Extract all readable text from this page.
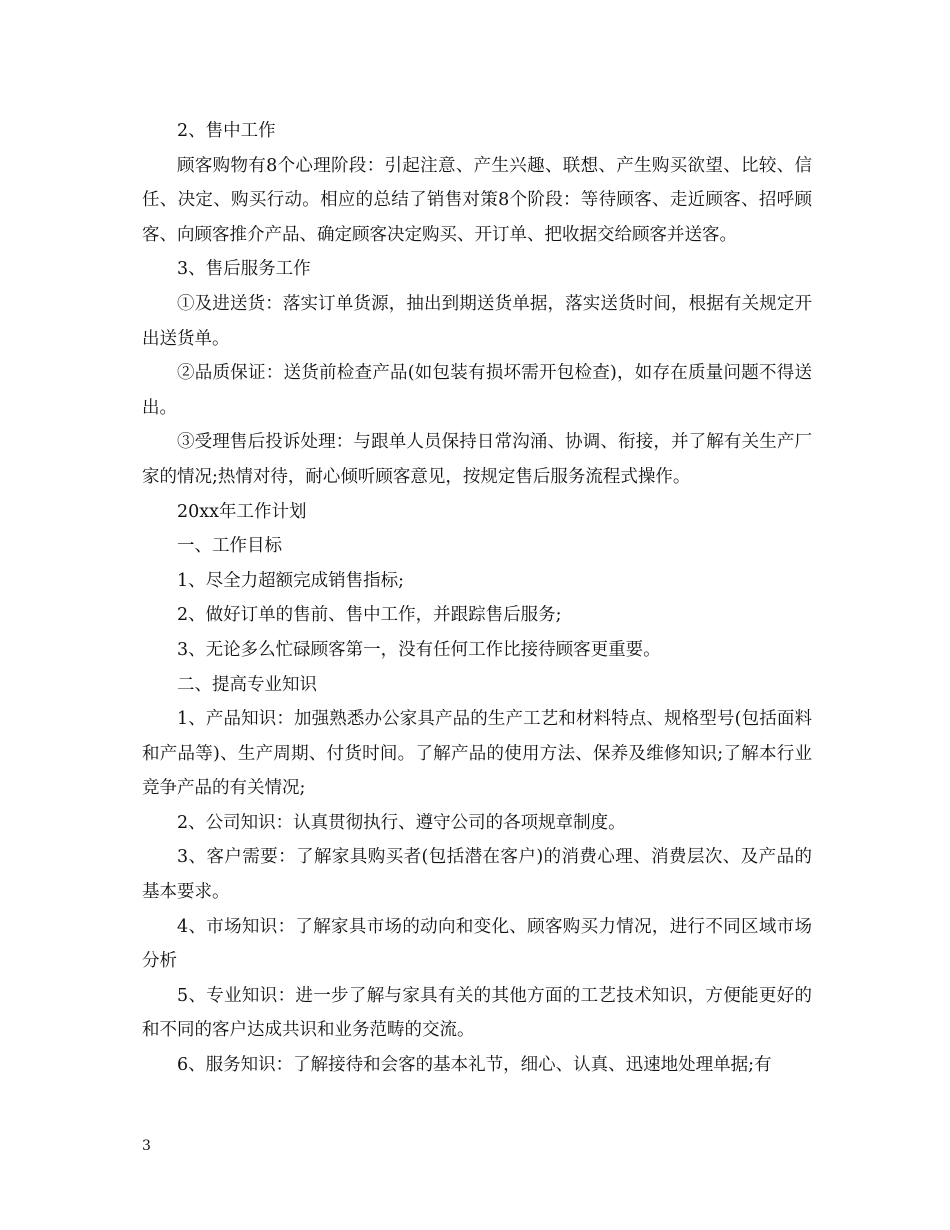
2、售中工作

顾客购物有8个心理阶段：引起注意、产生兴趣、联想、产生购买欲望、比较、信任、决定、购买行动。相应的总结了销售对策8个阶段：等待顾客、走近顾客、招呼顾客、向顾客推介产品、确定顾客决定购买、开订单、把收据交给顾客并送客。

3、售后服务工作

①及进送货：落实订单货源，抽出到期送货单据，落实送货时间，根据有关规定开出送货单。

②品质保证：送货前检查产品(如包装有损坏需开包检查)，如存在质量问题不得送出。

③受理售后投诉处理：与跟单人员保持日常沟涌、协调、衔接，并了解有关生产厂家的情况;热情对待，耐心倾听顾客意见，按规定售后服务流程式操作。

20xx年工作计划

一、工作目标

1、尽全力超额完成销售指标;

2、做好订单的售前、售中工作，并跟踪售后服务;

3、无论多么忙碌顾客第一，没有任何工作比接待顾客更重要。

二、提高专业知识

1、产品知识：加强熟悉办公家具产品的生产工艺和材料特点、规格型号(包括面料和产品等)、生产周期、付货时间。了解产品的使用方法、保养及维修知识;了解本行业竞争产品的有关情况;

2、公司知识：认真贯彻执行、遵守公司的各项规章制度。

3、客户需要：了解家具购买者(包括潜在客户)的消费心理、消费层次、及产品的基本要求。

4、市场知识：了解家具市场的动向和变化、顾客购买力情况，进行不同区域市场分析

5、专业知识：进一步了解与家具有关的其他方面的工艺技术知识，方便能更好的和不同的客户达成共识和业务范畴的交流。

6、服务知识：了解接待和会客的基本礼节，细心、认真、迅速地处理单据;有

3
